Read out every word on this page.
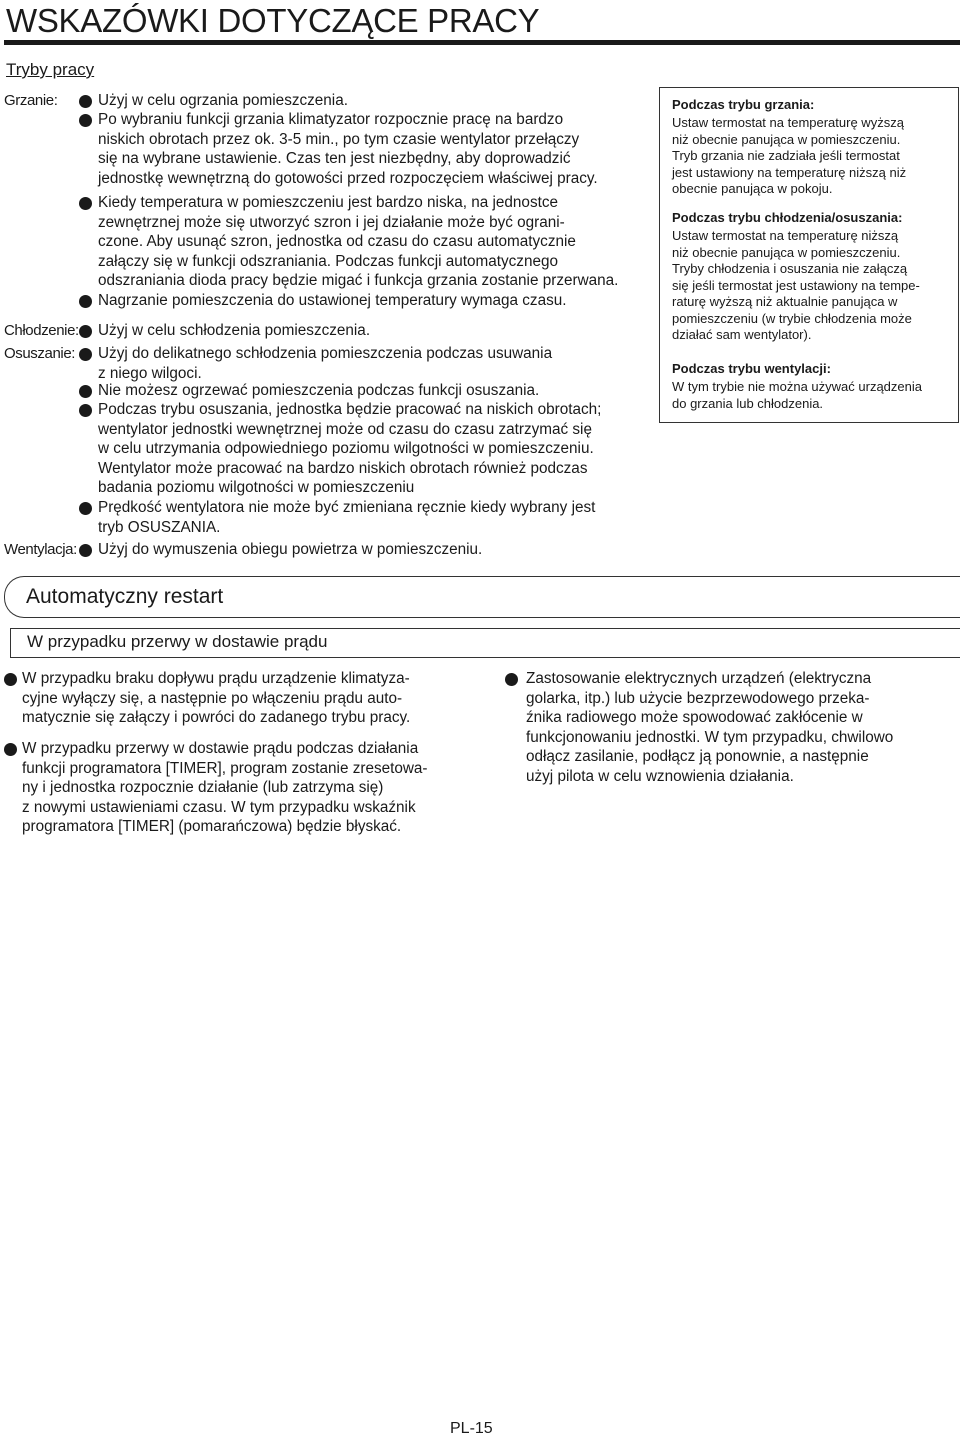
WSKAZÓWKI DOTYCZĄCE PRACY
Tryby pracy
Grzanie:	Użyj w celu ogrzania pomieszczenia.
Po wybraniu funkcji grzania klimatyzator rozpocznie pracę na bardzo
niskich obrotach przez ok. 3-5 min., po tym czasie wentylator przełączy
się na wybrane ustawienie. Czas ten jest niezbędny, aby doprowadzić
jednostkę wewnętrzną do gotowości przed rozpoczęciem właściwej pracy.
Kiedy temperatura w pomieszczeniu jest bardzo niska, na jednostce
zewnętrznej może się utworzyć szron i jej działanie może być ograni-
czone. Aby usunąć szron, jednostka od czasu do czasu automatycznie
załączy się w funkcji odszraniania. Podczas funkcji automatycznego
odszraniania dioda pracy będzie migać i funkcja grzania zostanie przerwana.
Nagrzanie pomieszczenia do ustawionej temperatury wymaga czasu.
Chłodzenie: Użyj w celu schłodzenia pomieszczenia.
Osuszanie: Użyj do delikatnego schłodzenia pomieszczenia podczas usuwania
z niego wilgoci.
Nie możesz ogrzewać pomieszczenia podczas funkcji osuszania.
Podczas trybu osuszania, jednostka będzie pracować na niskich obrotach;
wentylator jednostki wewnętrznej może od czasu do czasu zatrzymać się
w celu utrzymania odpowiedniego poziomu wilgotności w pomieszczeniu.
Wentylator może pracować na bardzo niskich obrotach również podczas
badania poziomu wilgotności w pomieszczeniu
Prędkość wentylatora nie może być zmieniana ręcznie kiedy wybrany jest
tryb OSUSZANIA.
Wentylacja: Użyj do wymuszenia obiegu powietrza w pomieszczeniu.
Podczas trybu grzania:
Ustaw termostat na temperaturę wyższą
niż obecnie panująca w pomieszczeniu.
Tryb grzania nie zadziała jeśli termostat
jest ustawiony na temperaturę niższą niż
obecnie panująca w pokoju.
Podczas trybu chłodzenia/osuszania:
Ustaw termostat na temperaturę niższą
niż obecnie panująca w pomieszczeniu.
Tryby chłodzenia i osuszania nie załączą
się jeśli termostat jest ustawiony na tempe-
raturę wyższą niż aktualnie panująca w
pomieszczeniu (w trybie chłodzenia może
działać sam wentylator).
Podczas trybu wentylacji:
W tym trybie nie można używać urządzenia
do grzania lub chłodzenia.
Automatyczny restart
W przypadku przerwy w dostawie prądu
W przypadku braku dopływu prądu urządzenie klimatyza-
cyjne wyłączy się, a następnie po włączeniu prądu auto-
matycznie się załączy i powróci do zadanego trybu pracy.
W przypadku przerwy w dostawie prądu podczas działania
funkcji programatora [TIMER], program zostanie zresetowa-
ny i jednostka rozpocznie działanie (lub zatrzyma się)
z nowymi ustawieniami czasu. W tym przypadku wskaźnik
programatora [TIMER] (pomarańczowa) będzie błyskać.
Zastosowanie elektrycznych urządzeń (elektryczna
golarka, itp.) lub użycie bezprzewodowego przeka-
źnika radiowego może spowodować zakłócenie w
funkcjonowaniu jednostki. W tym przypadku, chwilowo
odłącz zasilanie, podłącz ją ponownie, a następnie
użyj pilota w celu wznowienia działania.
PL-15
